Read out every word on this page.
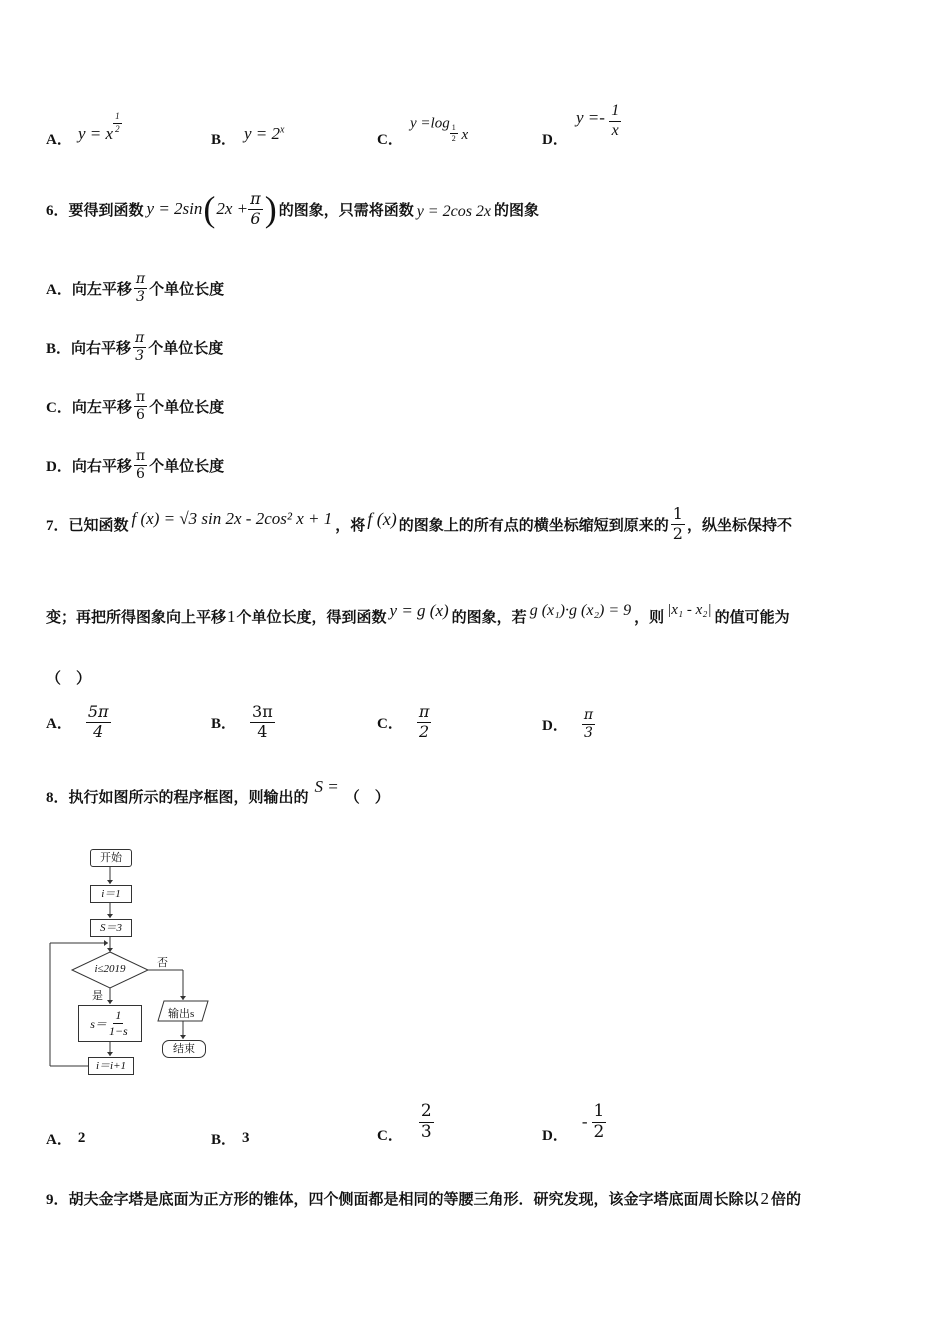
A． y = x $\frac{1}{2}$
B． $y = 2^x$
C．
y =log
$\frac{1}{2}$ x	D．
$y =- \frac{1}{x}$
6． 要得到函数 y = 2sin ( $2x + \frac{\pi}{6}$ ) 的图象，只需将函数 y = 2cos 2x 的图象
A． 向左平移 $\frac{\pi}{3}$ 个单位长度
B． 向右平移 $\frac{\pi}{3}$ 个单位长度
C． 向左平移 $\frac{\pi}{6}$ 个单位长度
D． 向右平移 $\frac{\pi}{6}$ 个单位长度
7． 已知函数 f (x) = √3 sin 2x - 2cos² x + 1 ，将 f (x) 的图象上的所有点的横坐标缩短到原来的 $\frac{1}{2}$ ，纵坐标保持不
变；再把所得图象向上平移 1 个单位长度，得到函数 y = g (x) 的图象，若 g (x₁)·g (x₂) = 9 ，则 |x₁ - x₂| 的值可能为
（　）
A． $\frac{5\pi}{4}$	B． $\frac{3\pi}{4}$	C． $\frac{\pi}{2}$	D． $\frac{\pi}{3}$
8． 执行如图所示的程序框图，则输出的
S =
（　）
开始
i＝1
S＝3
i≤2019	否
是
$s= \frac{1}{1-s}$	输出s
结束
i＝i+1
A． 2	B． 3	C． $\frac{2}{3}$	D．
- $\frac{1}{2}$
9． 胡夫金字塔是底面为正方形的锥体，四个侧面都是相同的等腰三角形．研究发现，该金字塔底面周长除以 2 倍的
